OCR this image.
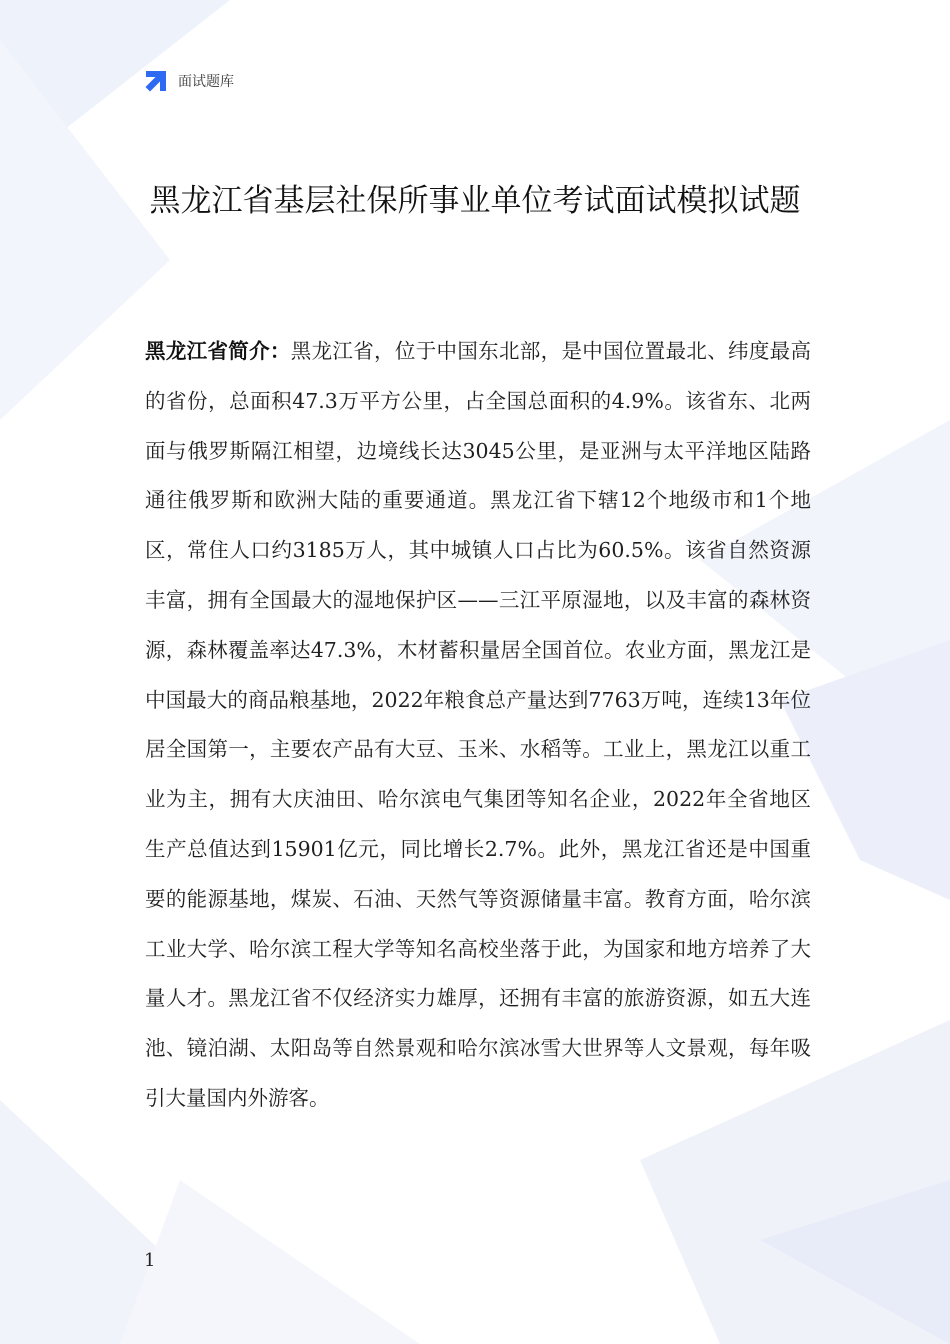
面试题库
黑龙江省基层社保所事业单位考试面试模拟试题

黑龙江省简介：黑龙江省，位于中国东北部，是中国位置最北、纬度最高的省份，总面积47.3万平方公里，占全国总面积的4.9%。该省东、北两面与俄罗斯隔江相望，边境线长达3045公里，是亚洲与太平洋地区陆路通往俄罗斯和欧洲大陆的重要通道。黑龙江省下辖12个地级市和1个地区，常住人口约3185万人，其中城镇人口占比为60.5%。该省自然资源丰富，拥有全国最大的湿地保护区——三江平原湿地，以及丰富的森林资源，森林覆盖率达47.3%，木材蓄积量居全国首位。农业方面，黑龙江是中国最大的商品粮基地，2022年粮食总产量达到7763万吨，连续13年位居全国第一，主要农产品有大豆、玉米、水稻等。工业上，黑龙江以重工业为主，拥有大庆油田、哈尔滨电气集团等知名企业，2022年全省地区生产总值达到15901亿元，同比增长2.7%。此外，黑龙江省还是中国重要的能源基地，煤炭、石油、天然气等资源储量丰富。教育方面，哈尔滨工业大学、哈尔滨工程大学等知名高校坐落于此，为国家和地方培养了大量人才。黑龙江省不仅经济实力雄厚，还拥有丰富的旅游资源，如五大连池、镜泊湖、太阳岛等自然景观和哈尔滨冰雪大世界等人文景观，每年吸引大量国内外游客。

1
